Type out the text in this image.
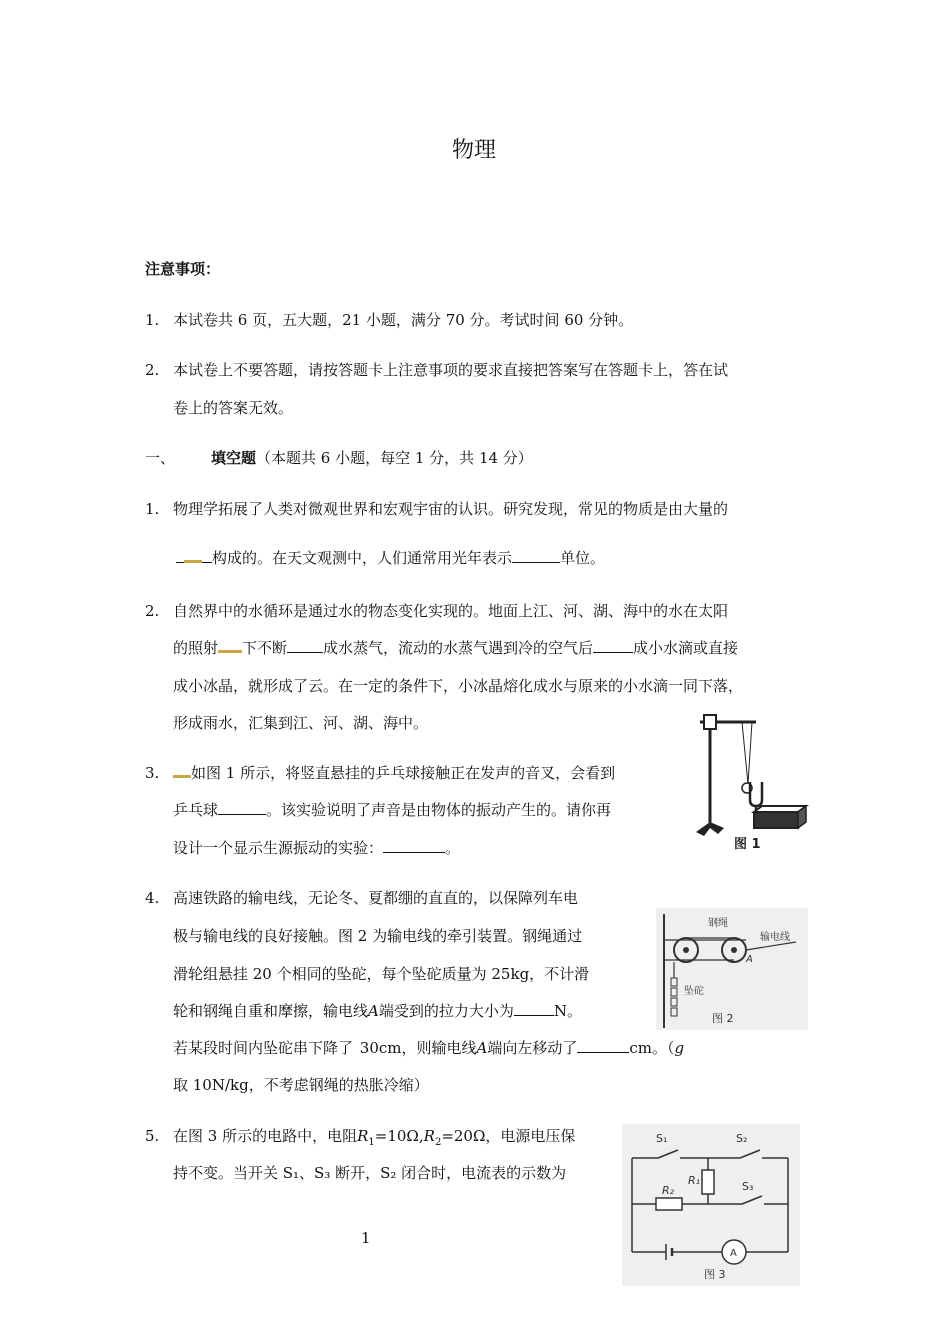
物理
注意事项：
1. 本试卷共 6 页，五大题，21 小题，满分 70 分。考试时间 60 分钟。
2. 本试卷上不要答题，请按答题卡上注意事项的要求直接把答案写在答题卡上，答在试
卷上的答案无效。
一、 填空题（本题共 6 小题，每空 1 分，共 14 分）
1. 物理学拓展了人类对微观世界和宏观宇宙的认识。研究发现，常见的物质是由大量的
构成的。在天文观测中，人们通常用光年表示	单位。
2. 自然界中的水循环是通过水的物态变化实现的。地面上江、河、湖、海中的水在太阳
的照射 下不断 成水蒸气，流动的水蒸气遇到冷的空气后	成小水滴或直接
成小冰晶，就形成了云。在一定的条件下，小冰晶熔化成水与原来的小水滴一同下落，
形成雨水，汇集到江、河、湖、海中。
3.	如图 1 所示，将竖直悬挂的乒乓球接触正在发声的音叉，会看到
乒乓球	。该实验说明了声音是由物体的振动产生的。请你再
设计一个显示生源振动的实验：	。	图 1
4. 高速铁路的输电线，无论冬、夏都绷的直直的，以保障列车电
极与输电线的良好接触。图 2 为输电线的牵引装置。钢绳通过
滑轮组悬挂 20 个相同的坠砣，每个坠砣质量为 25kg，不计滑
轮和钢绳自重和摩擦，输电线A端受到的拉力大小为	N。
若某段时间内坠砣串下降了 30cm，则输电线A端向左移动了	cm。（g
取 10N/kg，不考虑钢绳的热胀冷缩）
钢绳
输电线
A
坠砣
图 2
5. 在图 3 所示的电路中，电阻$R_1=10\Omega,R_2=20\Omega$，电源电压保
持不变。当开关 S₁、S₃ 断开，S₂ 闭合时，电流表的示数为
S₁	S₂
R₁
R₂	S₃
A
图 3
1
